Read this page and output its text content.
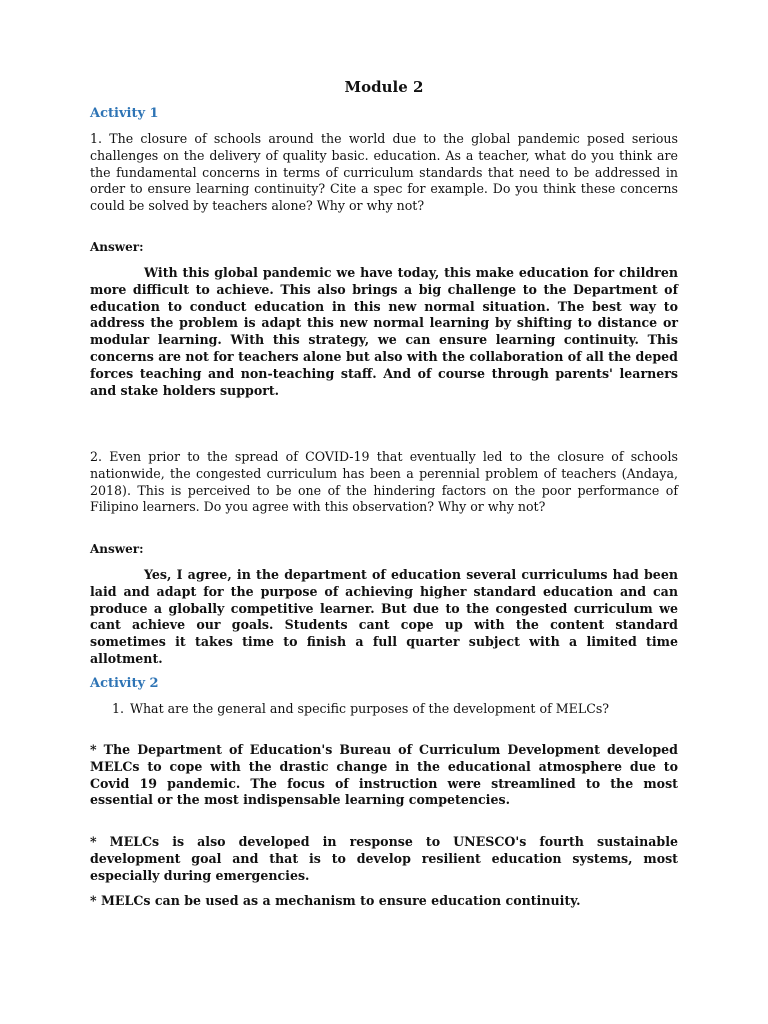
Module 2
Activity 1
1. The closure of schools around the world due to the global pandemic posed serious challenges on the delivery of quality basic. education. As a teacher, what do you think are the fundamental concerns in terms of curriculum standards that need to be addressed in order to ensure learning continuity? Cite a spec for example. Do you think these concerns could be solved by teachers alone? Why or why not?
Answer:
With this global pandemic we have today, this make education for children more difficult to achieve. This also brings a big challenge to the Department of education to conduct education in this new normal situation. The best way to address the problem is adapt this new normal learning by shifting to distance or modular learning. With this strategy, we can ensure learning continuity. This concerns are not for teachers alone but also with the collaboration of all the deped forces teaching and non-teaching staff. And of course through parents' learners and stake holders support.
2. Even prior to the spread of COVID-19 that eventually led to the closure of schools nationwide, the congested curriculum has been a perennial problem of teachers (Andaya, 2018). This is perceived to be one of the hindering factors on the poor performance of Filipino learners. Do you agree with this observation? Why or why not?
Answer:
Yes, I agree, in the department of education several curriculums had been laid and adapt for the purpose of achieving higher standard education and can produce a globally competitive learner. But due to the congested curriculum we cant achieve our goals. Students cant cope up with the content standard sometimes it takes time to finish a full quarter subject with a limited time allotment.
Activity 2
1. What are the general and specific purposes of the development of MELCs?
* The Department of Education's Bureau of Curriculum Development developed MELCs to cope with the drastic change in the educational atmosphere due to Covid 19 pandemic. The focus of instruction were streamlined to the most essential or the most indispensable learning competencies.
* MELCs is also developed in response to UNESCO's fourth sustainable development goal and that is to develop resilient education systems, most especially during emergencies.
* MELCs can be used as a mechanism to ensure education continuity.
